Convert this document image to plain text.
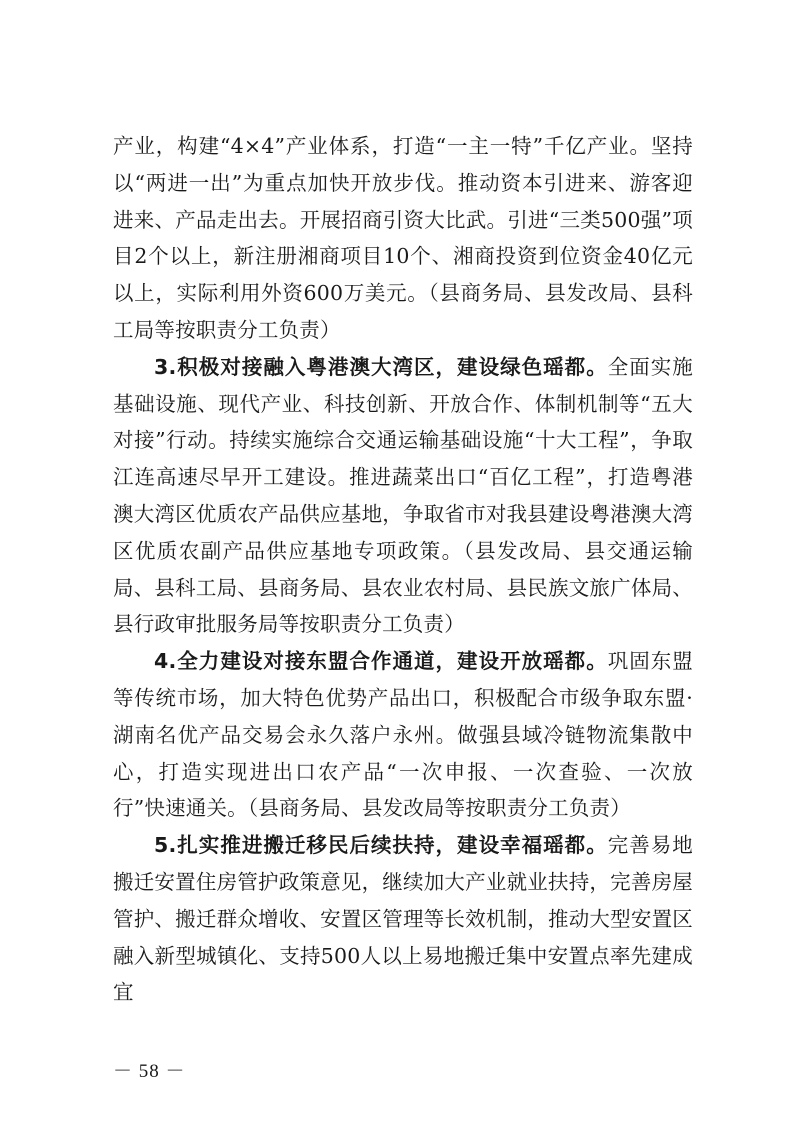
产业，构建“4×4”产业体系，打造“一主一特”千亿产业。坚持以“两进一出”为重点加快开放步伐。推动资本引进来、游客迎进来、产品走出去。开展招商引资大比武。引进“三类500强”项目2个以上，新注册湘商项目10个、湘商投资到位资金40亿元以上，实际利用外资600万美元。（县商务局、县发改局、县科工局等按职责分工负责）

3.积极对接融入粤港澳大湾区，建设绿色瑶都。全面实施基础设施、现代产业、科技创新、开放合作、体制机制等“五大对接”行动。持续实施综合交通运输基础设施“十大工程”，争取江连高速尽早开工建设。推进蔬菜出口“百亿工程”，打造粤港澳大湾区优质农产品供应基地，争取省市对我县建设粤港澳大湾区优质农副产品供应基地专项政策。（县发改局、县交通运输局、县科工局、县商务局、县农业农村局、县民族文旅广体局、县行政审批服务局等按职责分工负责）

4.全力建设对接东盟合作通道，建设开放瑶都。巩固东盟等传统市场，加大特色优势产品出口，积极配合市级争取东盟·湖南名优产品交易会永久落户永州。做强县域冷链物流集散中心，打造实现进出口农产品“一次申报、一次查验、一次放行”快速通关。（县商务局、县发改局等按职责分工负责）

5.扎实推进搬迁移民后续扶持，建设幸福瑶都。完善易地搬迁安置住房管护政策意见，继续加大产业就业扶持，完善房屋管护、搬迁群众增收、安置区管理等长效机制，推动大型安置区融入新型城镇化、支持500人以上易地搬迁集中安置点率先建成宜

－ 58 －
